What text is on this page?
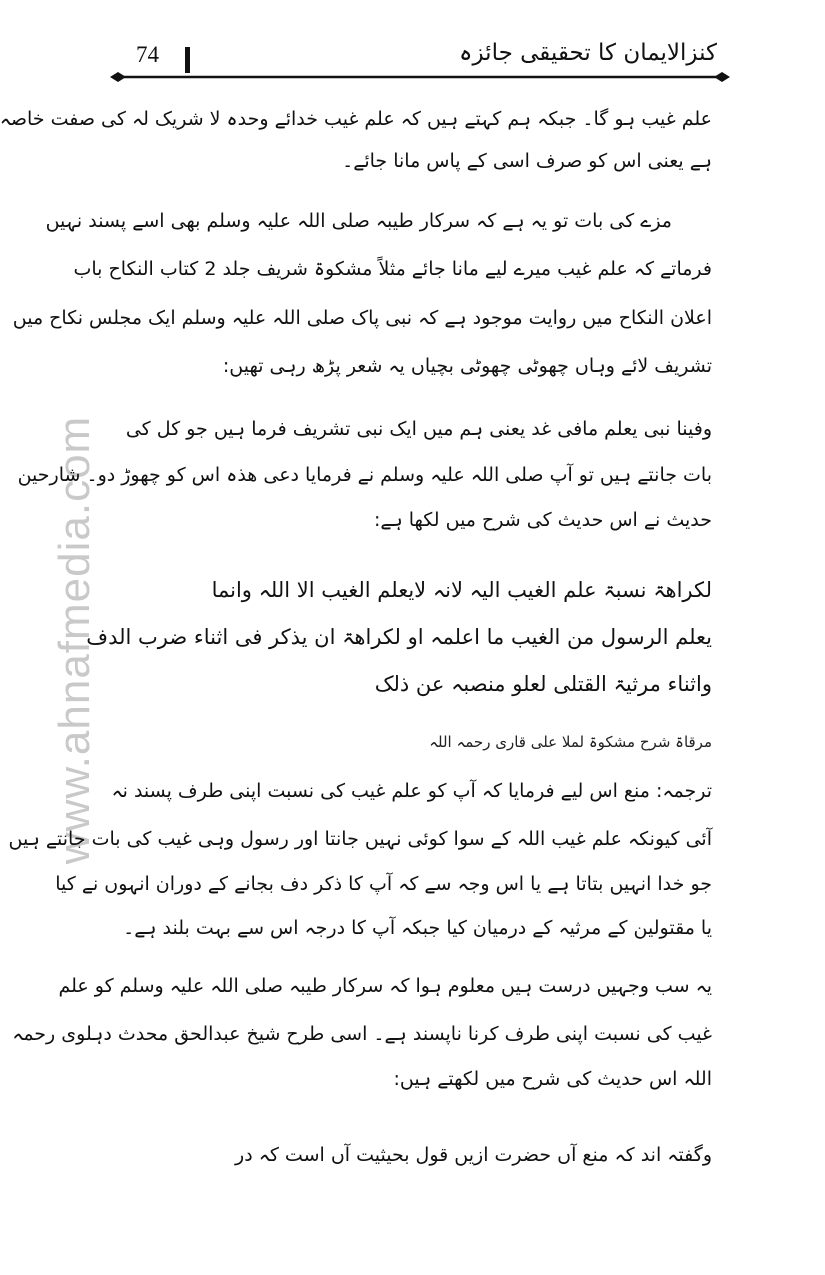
www.ahnafmedia.com
کنزالایمان کا تحقیقی جائزہ
74
علم غیب ہو گا۔ جبکہ ہم کہتے ہیں کہ علم غیب خدائے وحدہ لا شریک لہ کی صفت خاصہ
ہے یعنی اس کو صرف اسی کے پاس مانا جائے۔
مزے کی بات تو یہ ہے کہ سرکار طیبہ صلی اللہ علیہ وسلم بھی اسے پسند نہیں
فرماتے کہ علم غیب میرے لیے مانا جائے مثلاً مشکوۃ شریف جلد 2 کتاب النکاح باب
اعلان النکاح میں روایت موجود ہے کہ نبی پاک صلی اللہ علیہ وسلم ایک مجلس نکاح میں
تشریف لائے وہاں چھوٹی چھوٹی بچیاں یہ شعر پڑھ رہی تھیں:
وفینا نبی یعلم مافی غد یعنی ہم میں ایک نبی تشریف فرما ہیں جو کل کی
بات جانتے ہیں تو آپ صلی اللہ علیہ وسلم نے فرمایا دعی ھذہ اس کو چھوڑ دو۔ شارحین
حدیث نے اس حدیث کی شرح میں لکھا ہے:
لکراھۃ نسبۃ علم الغیب الیہ لانہ لایعلم الغیب الا اللہ وانما
یعلم الرسول من الغیب ما اعلمہ او لکراھۃ ان یذکر فی اثناء ضرب الدف
واثناء مرثیۃ القتلی لعلو منصبہ عن ذلک
مرقاۃ شرح مشکوۃ لملا علی قاری رحمہ اللہ
ترجمہ: منع اس لیے فرمایا کہ آپ کو علم غیب کی نسبت اپنی طرف پسند نہ
آئی کیونکہ علم غیب اللہ کے سوا کوئی نہیں جانتا اور رسول وہی غیب کی بات جانتے ہیں
جو خدا انہیں بتاتا ہے یا اس وجہ سے کہ آپ کا ذکر دف بجانے کے دوران انہوں نے کیا
یا مقتولین کے مرثیہ کے درمیان کیا جبکہ آپ کا درجہ اس سے بہت بلند ہے۔
یہ سب وجہیں درست ہیں معلوم ہوا کہ سرکار طیبہ صلی اللہ علیہ وسلم کو علم
غیب کی نسبت اپنی طرف کرنا ناپسند ہے۔ اسی طرح شیخ عبدالحق محدث دہلوی رحمہ
اللہ اس حدیث کی شرح میں لکھتے ہیں:
وگفتہ اند کہ منع آں حضرت ازیں قول بحیثیت آں است کہ در
